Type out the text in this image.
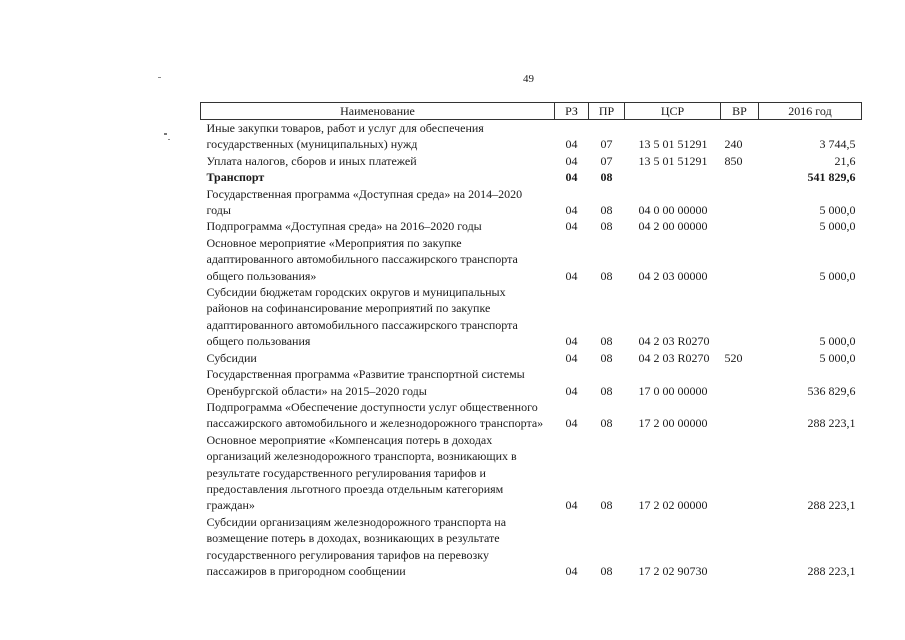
49
Наименование	РЗ	ПР	ЦСР	ВР	2016 год
Иные закупки товаров, работ и услуг для обеспечения государственных (муниципальных) нужд	04	07	13 5 01 51291	240	3 744,5
Уплата налогов, сборов и иных платежей	04	07	13 5 01 51291	850	21,6
Транспорт	04	08			541 829,6
Государственная программа «Доступная среда» на 2014–2020 годы	04	08	04 0 00 00000		5 000,0
Подпрограмма «Доступная среда» на 2016–2020 годы	04	08	04 2 00 00000		5 000,0
Основное мероприятие «Мероприятия по закупке адаптированного автомобильного пассажирского транспорта общего пользования»	04	08	04 2 03 00000		5 000,0
Субсидии бюджетам городских округов и муниципальных районов на софинансирование мероприятий по закупке адаптированного автомобильного пассажирского транспорта общего пользования	04	08	04 2 03 R0270		5 000,0
Субсидии	04	08	04 2 03 R0270	520	5 000,0
Государственная программа «Развитие транспортной системы Оренбургской области» на 2015–2020 годы	04	08	17 0 00 00000		536 829,6
Подпрограмма «Обеспечение доступности услуг общественного пассажирского автомобильного и железнодорожного транспорта»	04	08	17 2 00 00000		288 223,1
Основное мероприятие «Компенсация потерь в доходах организаций железнодорожного транспорта, возникающих в результате государственного регулирования тарифов и предоставления льготного проезда отдельным категориям граждан»	04	08	17 2 02 00000		288 223,1
Субсидии организациям железнодорожного транспорта на возмещение потерь в доходах, возникающих в результате государственного регулирования тарифов на перевозку пассажиров в пригородном сообщении	04	08	17 2 02 90730		288 223,1
